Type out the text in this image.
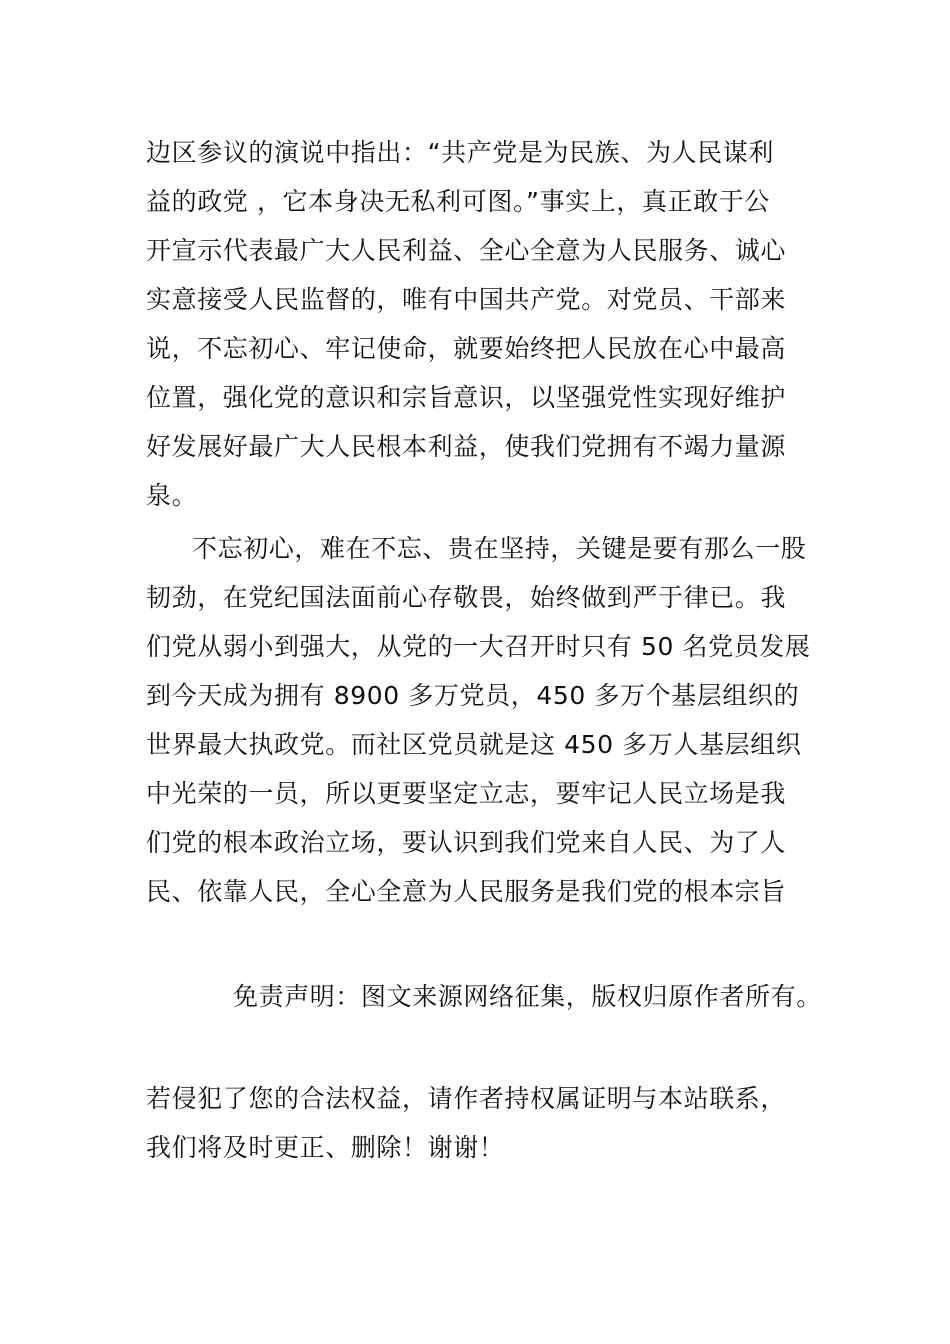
边区参议的演说中指出：“共产党是为民族、为人民谋利
益的政党 ，它本身决无私利可图。”事实上，真正敢于公
开宣示代表最广大人民利益、全心全意为人民服务、诚心
实意接受人民监督的，唯有中国共产党。对党员、干部来
说，不忘初心、牢记使命，就要始终把人民放在心中最高
位置，强化党的意识和宗旨意识，以坚强党性实现好维护
好发展好最广大人民根本利益，使我们党拥有不竭力量源
泉。
不忘初心，难在不忘、贵在坚持，关键是要有那么一股
韧劲，在党纪国法面前心存敬畏，始终做到严于律已。我
们党从弱小到强大，从党的一大召开时只有 50 名党员发展
到今天成为拥有 8900 多万党员，450 多万个基层组织的
世界最大执政党。而社区党员就是这 450 多万人基层组织
中光荣的一员，所以更要坚定立志，要牢记人民立场是我
们党的根本政治立场，要认识到我们党来自人民、为了人
民、依靠人民，全心全意为人民服务是我们党的根本宗旨
免责声明：图文来源网络征集，版权归原作者所有。
若侵犯了您的合法权益，请作者持权属证明与本站联系，
我们将及时更正、删除！谢谢！
